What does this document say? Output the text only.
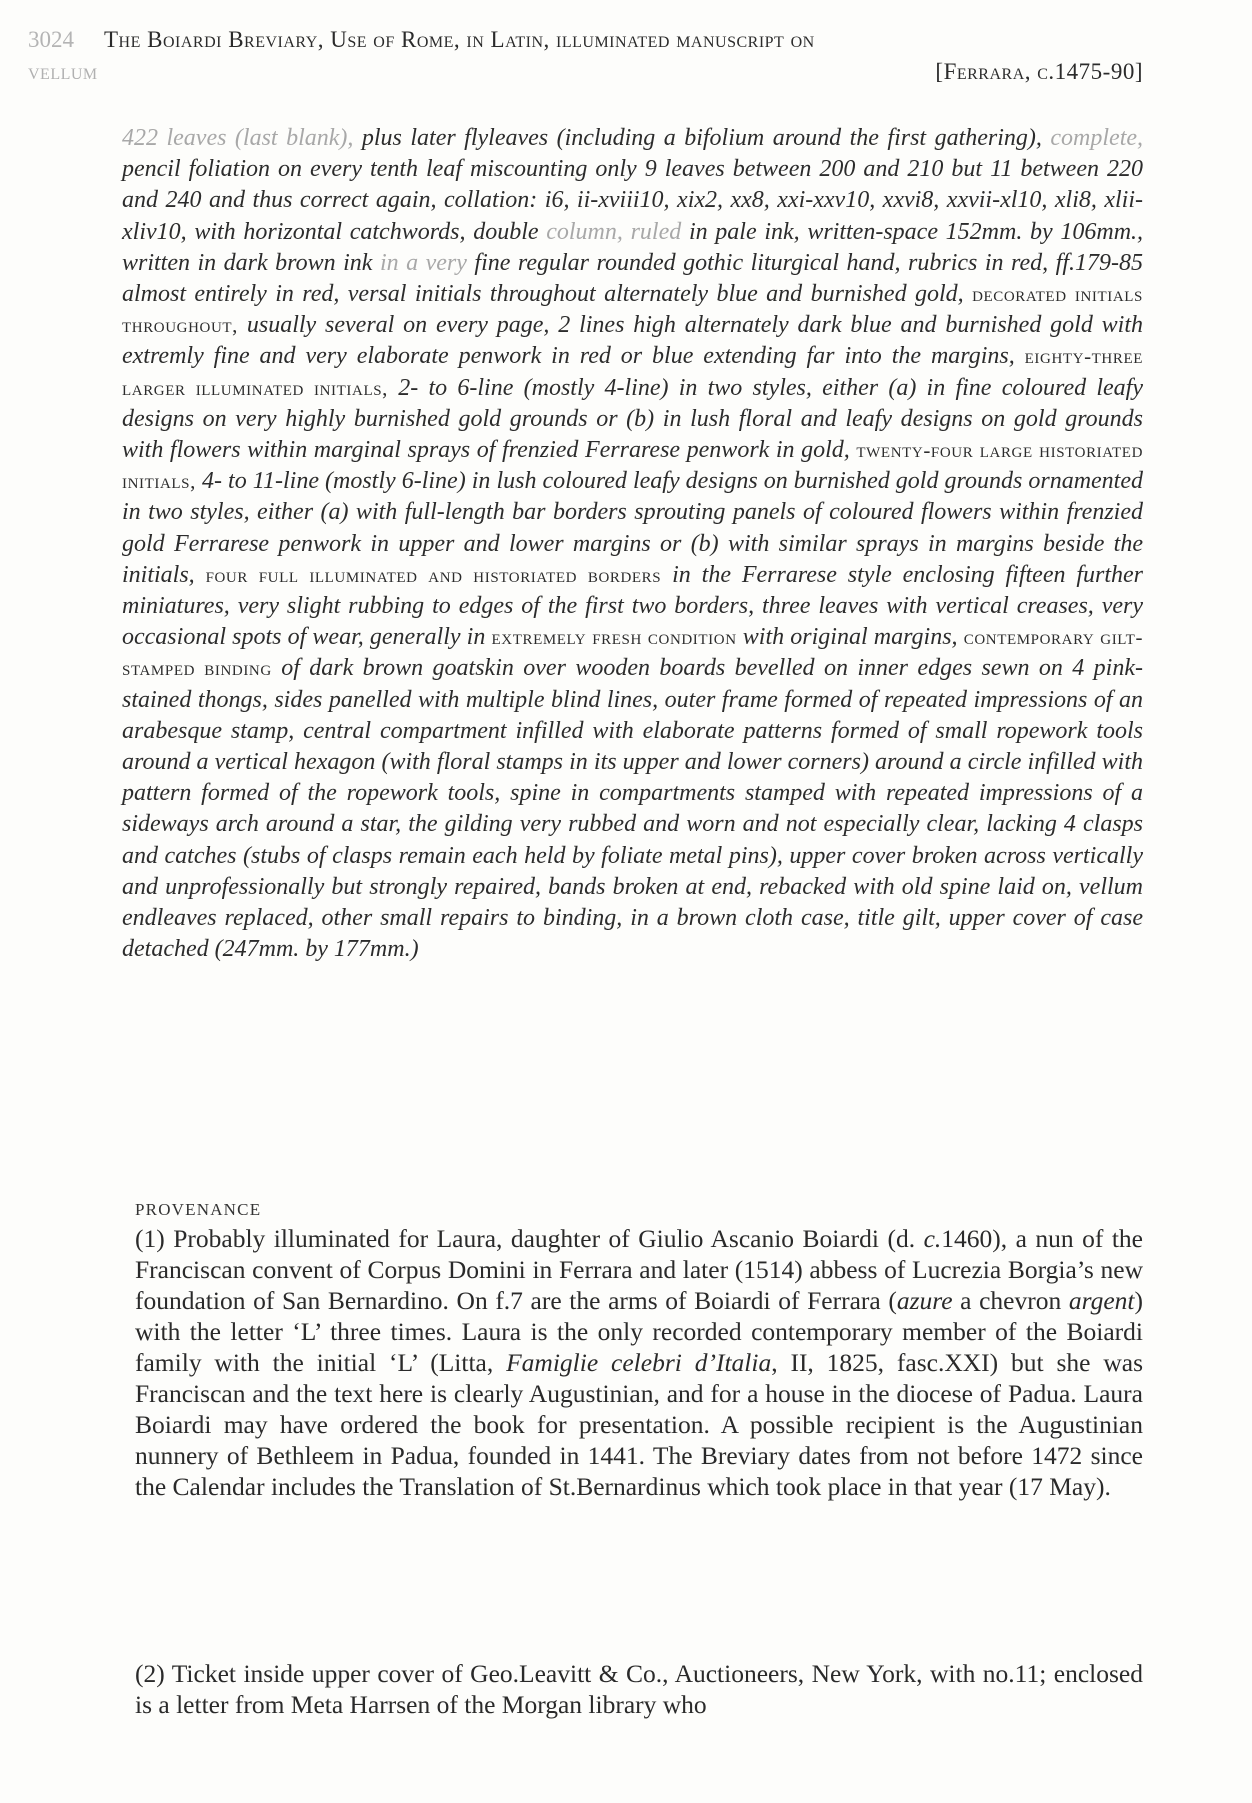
3024 The Boiardi Breviary, Use of Rome, in Latin, illuminated manuscript on
vellum	[Ferrara, c.1475-90]
422 leaves (last blank), plus later flyleaves (including a bifolium around the first gathering), complete, pencil foliation on every tenth leaf miscounting only 9 leaves between 200 and 210 but 11 between 220 and 240 and thus correct again, collation: i6, ii-xviii10, xix2, xx8, xxi-xxv10, xxvi8, xxvii-xl10, xli8, xlii-xliv10, with horizontal catchwords, double column, ruled in pale ink, written-space 152mm. by 106mm., written in dark brown ink in a very fine regular rounded gothic liturgical hand, rubrics in red, ff.179-85 almost entirely in red, versal initials throughout alternately blue and burnished gold, decorated initials throughout, usually several on every page, 2 lines high alternately dark blue and burnished gold with extremly fine and very elaborate penwork in red or blue extending far into the margins, eighty-three larger illuminated initials, 2- to 6-line (mostly 4-line) in two styles, either (a) in fine coloured leafy designs on very highly burnished gold grounds or (b) in lush floral and leafy designs on gold grounds with flowers within marginal sprays of frenzied Ferrarese penwork in gold, twenty-four large historiated initials, 4- to 11-line (mostly 6-line) in lush coloured leafy designs on burnished gold grounds ornamented in two styles, either (a) with full-length bar borders sprouting panels of coloured flowers within frenzied gold Ferrarese penwork in upper and lower margins or (b) with similar sprays in margins beside the initials, four full illuminated and historiated borders in the Ferrarese style enclosing fifteen further miniatures, very slight rubbing to edges of the first two borders, three leaves with vertical creases, very occasional spots of wear, generally in extremely fresh condition with original margins, contemporary gilt-stamped binding of dark brown goatskin over wooden boards bevelled on inner edges sewn on 4 pink-stained thongs, sides panelled with multiple blind lines, outer frame formed of repeated impressions of an arabesque stamp, central compartment infilled with elaborate patterns formed of small ropework tools around a vertical hexagon (with floral stamps in its upper and lower corners) around a circle infilled with pattern formed of the ropework tools, spine in compartments stamped with repeated impressions of a sideways arch around a star, the gilding very rubbed and worn and not especially clear, lacking 4 clasps and catches (stubs of clasps remain each held by foliate metal pins), upper cover broken across vertically and unprofessionally but strongly repaired, bands broken at end, rebacked with old spine laid on, vellum endleaves replaced, other small repairs to binding, in a brown cloth case, title gilt, upper cover of case detached (247mm. by 177mm.)
PROVENANCE
(1) Probably illuminated for Laura, daughter of Giulio Ascanio Boiardi (d. c.1460), a nun of the Franciscan convent of Corpus Domini in Ferrara and later (1514) abbess of Lucrezia Borgia’s new foundation of San Bernardino. On f.7 are the arms of Boiardi of Ferrara (azure a chevron argent) with the letter ‘L’ three times. Laura is the only recorded contemporary member of the Boiardi family with the initial ‘L’ (Litta, Famiglie celebri d’Italia, II, 1825, fasc.XXI) but she was Franciscan and the text here is clearly Augustinian, and for a house in the diocese of Padua. Laura Boiardi may have ordered the book for presentation. A possible recipient is the Augustinian nunnery of Bethleem in Padua, founded in 1441. The Breviary dates from not before 1472 since the Calendar includes the Translation of St.Bernardinus which took place in that year (17 May).
(2) Ticket inside upper cover of Geo.Leavitt & Co., Auctioneers, New York, with no.11; enclosed is a letter from Meta Harrsen of the Morgan library who
